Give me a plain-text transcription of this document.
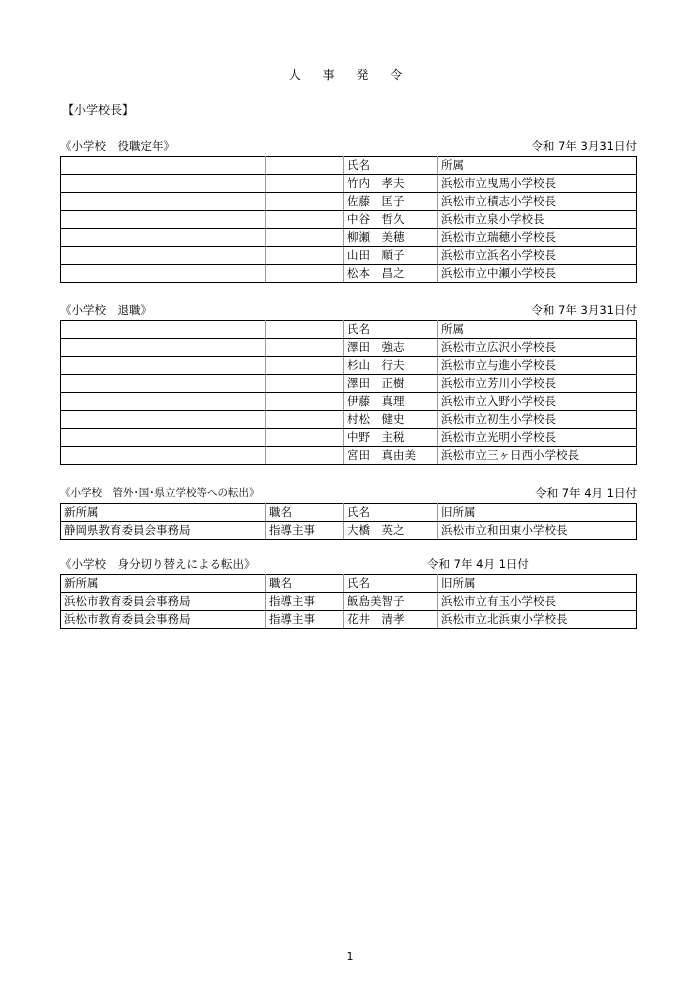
人 事 発 令
【小学校長】
《小学校　役職定年》	令和 7年 3月31日付
		氏名	所属
		竹内　孝夫	浜松市立曳馬小学校長
		佐藤　匡子	浜松市立積志小学校長
		中谷　哲久	浜松市立泉小学校長
		柳瀬　美穂	浜松市立瑞穂小学校長
		山田　順子	浜松市立浜名小学校長
		松本　昌之	浜松市立中瀬小学校長
《小学校　退職》	令和 7年 3月31日付
		氏名	所属
		澤田　強志	浜松市立広沢小学校長
		杉山　行夫	浜松市立与進小学校長
		澤田　正樹	浜松市立芳川小学校長
		伊藤　真理	浜松市立入野小学校長
		村松　健史	浜松市立初生小学校長
		中野　主税	浜松市立光明小学校長
		宮田　真由美	浜松市立三ヶ日西小学校長
《小学校　管外･国･県立学校等への転出》	令和 7年 4月 1日付
新所属	職名	氏名	旧所属
静岡県教育委員会事務局	指導主事	大橋　英之	浜松市立和田東小学校長
《小学校　身分切り替えによる転出》	令和 7年 4月 1日付
新所属	職名	氏名	旧所属
浜松市教育委員会事務局	指導主事	飯島美智子	浜松市立有玉小学校長
浜松市教育委員会事務局	指導主事	花井　清孝	浜松市立北浜東小学校長
1
